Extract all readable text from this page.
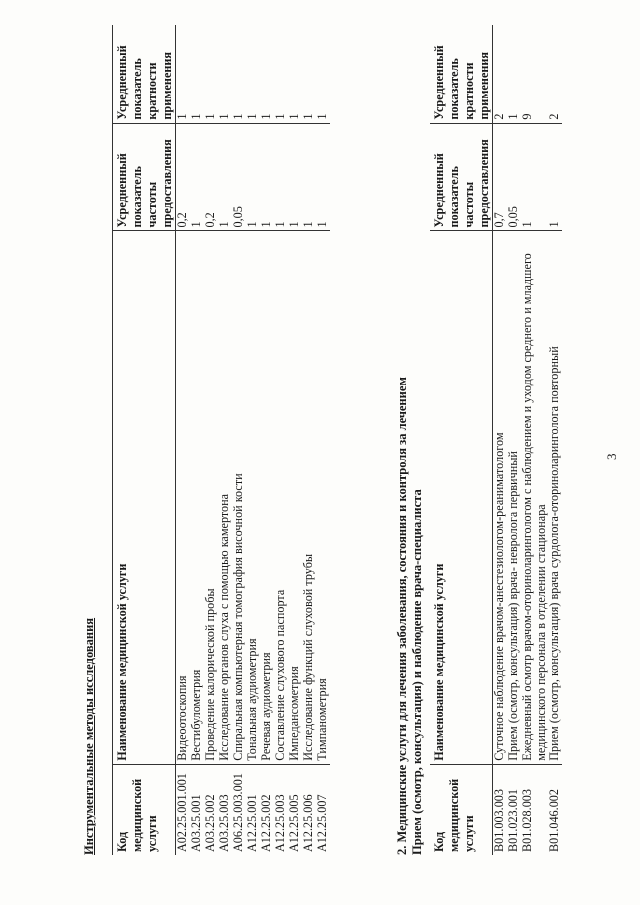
Инструментальные методы исследования Код медицинской услуги	Наименование медицинской услуги	Усредненный показатель частоты предоставления	Усредненный показатель кратности применения
A02.25.001.001	Видеоотоскопия	0,2	1
A03.25.001	Вестибулометрия	1	1
A03.25.002	Проведение калорической пробы	0,2	1
A03.25.003	Исследование органов слуха с помощью камертона	1	1
A06.25.003.001	Спиральная компьютерная томография височной кости	0,05	1
A12.25.001	Тональная аудиометрия	1	1
A12.25.002	Речевая аудиометрия	1	1
A12.25.003	Составление слухового паспорта	1	1
A12.25.005	Импедансометрия	1	1
A12.25.006	Исследование функций слуховой трубы	1	1
A12.25.007	Тимпанометрия	1	1
2. Медицинские услуги для лечения заболевания, состояния и контроля за лечением Прием (осмотр, консультация) и наблюдение врача-специалиста Код медицинской услуги	Наименование медицинской услуги	Усредненный показатель частоты предоставления	Усредненный показатель кратности применения
B01.003.003	Суточное наблюдение врачом-анестезиологом-реаниматологом	0,7	2
B01.023.001	Прием (осмотр, консультация) врача- невролога первичный	0,05	1
B01.028.003	Ежедневный осмотр врачом-оториноларингологом с наблюдением и уходом среднего и младшего медицинского персонала в отделении стационара	1	9
B01.046.002	Прием (осмотр, консультация) врача сурдолога-оториноларинголога повторный	1	2
3
